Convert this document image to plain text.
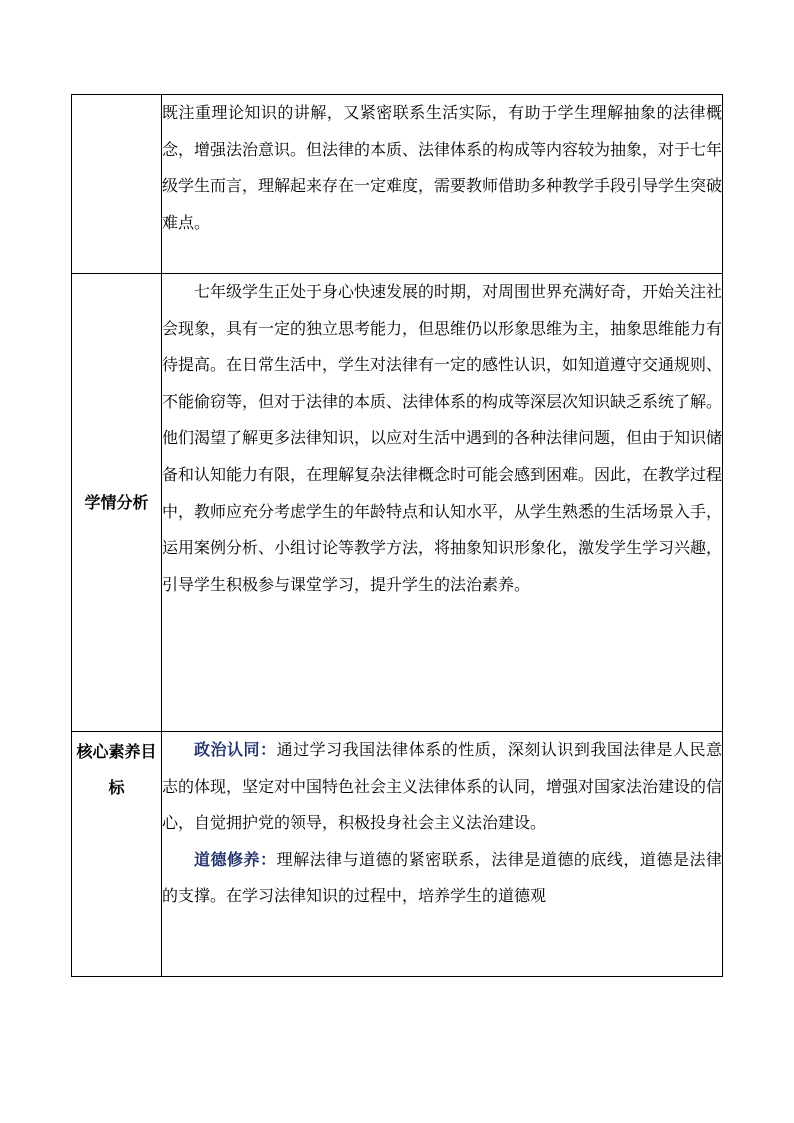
	既注重理论知识的讲解，又紧密联系生活实际，有助于学生理解抽象的法律概念，增强法治意识。但法律的本质、法律体系的构成等内容较为抽象，对于七年级学生而言，理解起来存在一定难度，需要教师借助多种教学手段引导学生突破难点。

学情分析	七年级学生正处于身心快速发展的时期，对周围世界充满好奇，开始关注社会现象，具有一定的独立思考能力，但思维仍以形象思维为主，抽象思维能力有待提高。在日常生活中，学生对法律有一定的感性认识，如知道遵守交通规则、不能偷窃等，但对于法律的本质、法律体系的构成等深层次知识缺乏系统了解。他们渴望了解更多法律知识，以应对生活中遇到的各种法律问题，但由于知识储备和认知能力有限，在理解复杂法律概念时可能会感到困难。因此，在教学过程中，教师应充分考虑学生的年龄特点和认知水平，从学生熟悉的生活场景入手，运用案例分析、小组讨论等教学方法，将抽象知识形象化，激发学生学习兴趣，引导学生积极参与课堂学习，提升学生的法治素养。

核心素养目标	政治认同：通过学习我国法律体系的性质，深刻认识到我国法律是人民意志的体现，坚定对中国特色社会主义法律体系的认同，增强对国家法治建设的信心，自觉拥护党的领导，积极投身社会主义法治建设。

道德修养：理解法律与道德的紧密联系，法律是道德的底线，道德是法律的支撑。在学习法律知识的过程中，培养学生的道德观
